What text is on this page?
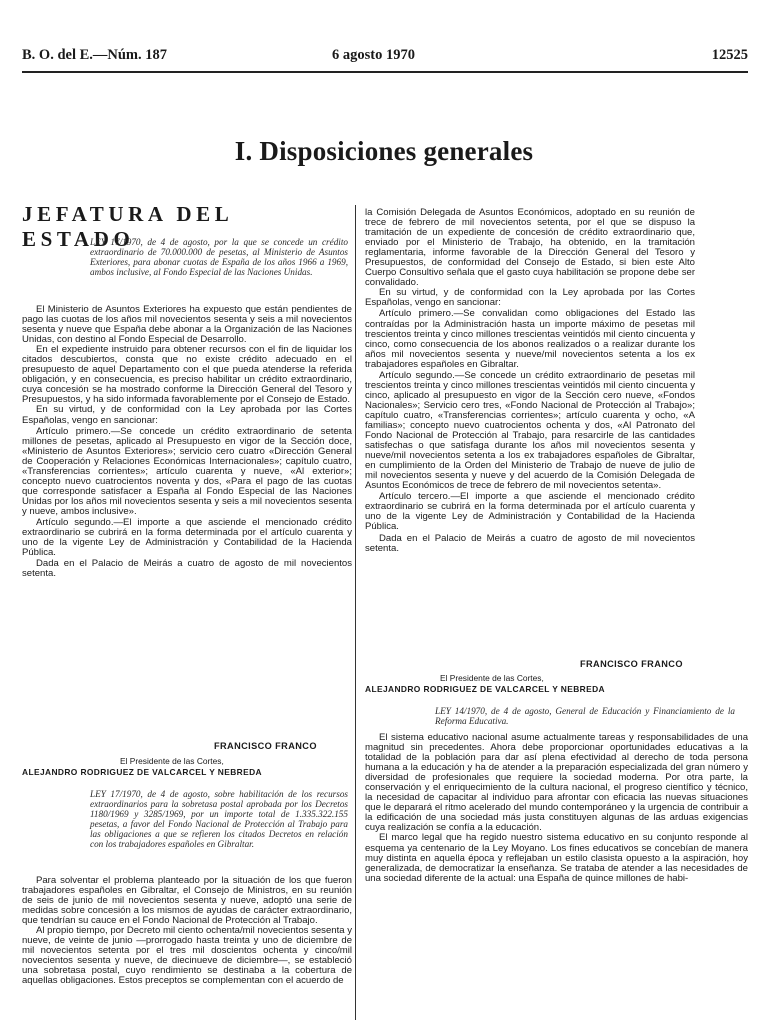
B. O. del E.—Núm. 187	6 agosto 1970	12525
I. Disposiciones generales
JEFATURA DEL ESTADO
LEY 17/1970, de 4 de agosto, por la que se concede un crédito extraordinario de 70.000.000 de pesetas, al Ministerio de Asuntos Exteriores, para abonar cuotas de España de los años 1966 a 1969, ambos inclusive, al Fondo Especial de las Naciones Unidas.

El Ministerio de Asuntos Exteriores ha expuesto que están pendientes de pago las cuotas de los años mil novecientos sesenta y seis a mil novecientos sesenta y nueve que España debe abonar a la Organización de las Naciones Unidas, con destino al Fondo Especial de Desarrollo.

En el expediente instruido para obtener recursos con el fin de liquidar los citados descubiertos, consta que no existe crédito adecuado en el presupuesto de aquel Departamento con el que pueda atenderse la referida obligación, y en consecuencia, es preciso habilitar un crédito extraordinario, cuya concesión se ha mostrado conforme la Dirección General del Tesoro y Presupuestos, y ha sido informada favorablemente por el Consejo de Estado.

En su virtud, y de conformidad con la Ley aprobada por las Cortes Españolas, vengo en sancionar:

Artículo primero.—Se concede un crédito extraordinario de setenta millones de pesetas, aplicado al Presupuesto en vigor de la Sección doce, «Ministerio de Asuntos Exteriores»; servicio cero cuatro «Dirección General de Cooperación y Relaciones Económicas Internacionales»; capítulo cuatro, «Transferencias corrientes»; artículo cuarenta y nueve, «Al exterior»; concepto nuevo cuatrocientos noventa y dos, «Para el pago de las cuotas que corresponde satisfacer a España al Fondo Especial de las Naciones Unidas por los años mil novecientos sesenta y seis a mil novecientos sesenta y nueve, ambos inclusive».

Artículo segundo.—El importe a que asciende el mencionado crédito extraordinario se cubrirá en la forma determinada por el artículo cuarenta y uno de la vigente Ley de Administración y Contabilidad de la Hacienda Pública.

Dada en el Palacio de Meirás a cuatro de agosto de mil novecientos setenta.

FRANCISCO FRANCO
El Presidente de las Cortes,
ALEJANDRO RODRIGUEZ DE VALCARCEL Y NEBREDA
LEY 17/1970, de 4 de agosto, sobre habilitación de los recursos extraordinarios para la sobretasa postal aprobada por los Decretos 1180/1969 y 3285/1969, por un importe total de 1.335.322.155 pesetas, a favor del Fondo Nacional de Protección al Trabajo para las obligaciones a que se refieren los citados Decretos en relación con los trabajadores españoles en Gibraltar.

Para solventar el problema planteado por la situación de los que fueron trabajadores españoles en Gibraltar, el Consejo de Ministros, en su reunión de seis de junio de mil novecientos sesenta y nueve, adoptó una serie de medidas sobre concesión a los mismos de ayudas de carácter extraordinario, que tendrían su cauce en el Fondo Nacional de Protección al Trabajo.

Al propio tiempo, por Decreto mil ciento ochenta/mil novecientos sesenta y nueve, de veinte de junio —prorrogado hasta treinta y uno de diciembre de mil novecientos setenta por el tres mil doscientos ochenta y cinco/mil novecientos sesenta y nueve, de diecinueve de diciembre—, se estableció una sobretasa postal, cuyo rendimiento se destinaba a la cobertura de aquellas obligaciones. Estos preceptos se complementan con el acuerdo de

la Comisión Delegada de Asuntos Económicos, adoptado en su reunión de trece de febrero de mil novecientos setenta, por el que se dispuso la tramitación de un expediente de concesión de crédito extraordinario que, enviado por el Ministerio de Trabajo, ha obtenido, en la tramitación reglamentaria, informe favorable de la Dirección General del Tesoro y Presupuestos, de conformidad del Consejo de Estado, si bien este Alto Cuerpo Consultivo señala que el gasto cuya habilitación se propone debe ser convalidado.

En su virtud, y de conformidad con la Ley aprobada por las Cortes Españolas, vengo en sancionar:

Artículo primero.—Se convalidan como obligaciones del Estado las contraídas por la Administración hasta un importe máximo de pesetas mil trescientos treinta y cinco millones trescientas veintidós mil ciento cincuenta y cinco, como consecuencia de los abonos realizados o a realizar durante los años mil novecientos sesenta y nueve/mil novecientos setenta a los ex trabajadores españoles en Gibraltar.

Artículo segundo.—Se concede un crédito extraordinario de pesetas mil trescientos treinta y cinco millones trescientas veintidós mil ciento cincuenta y cinco, aplicado al presupuesto en vigor de la Sección cero nueve, «Fondos Nacionales»; Servicio cero tres, «Fondo Nacional de Protección al Trabajo»; capítulo cuatro, «Transferencias corrientes»; artículo cuarenta y ocho, «A familias»; concepto nuevo cuatrocientos ochenta y dos, «Al Patronato del Fondo Nacional de Protección al Trabajo, para resarcirle de las cantidades satisfechas o que satisfaga durante los años mil novecientos sesenta y nueve/mil novecientos setenta a los ex trabajadores españoles de Gibraltar, en cumplimiento de la Orden del Ministerio de Trabajo de nueve de julio de mil novecientos sesenta y nueve y del acuerdo de la Comisión Delegada de Asuntos Económicos de trece de febrero de mil novecientos setenta».

Artículo tercero.—El importe a que asciende el mencionado crédito extraordinario se cubrirá en la forma determinada por el artículo cuarenta y uno de la vigente Ley de Administración y Contabilidad de la Hacienda Pública.

Dada en el Palacio de Meirás a cuatro de agosto de mil novecientos setenta.

FRANCISCO FRANCO
El Presidente de las Cortes,
ALEJANDRO RODRIGUEZ DE VALCARCEL Y NEBREDA
LEY 14/1970, de 4 de agosto, General de Educación y Financiamiento de la Reforma Educativa.

El sistema educativo nacional asume actualmente tareas y responsabilidades de una magnitud sin precedentes. Ahora debe proporcionar oportunidades educativas a la totalidad de la población para dar así plena efectividad al derecho de toda persona humana a la educación y ha de atender a la preparación especializada del gran número y diversidad de profesionales que requiere la sociedad moderna. Por otra parte, la conservación y el enriquecimiento de la cultura nacional, el progreso científico y técnico, la necesidad de capacitar al individuo para afrontar con eficacia las nuevas situaciones que le deparará el ritmo acelerado del mundo contemporáneo y la urgencia de contribuir a la edificación de una sociedad más justa constituyen algunas de las arduas exigencias cuya realización se confía a la educación.

El marco legal que ha regido nuestro sistema educativo en su conjunto responde al esquema ya centenario de la Ley Moyano. Los fines educativos se concebían de manera muy distinta en aquella época y reflejaban un estilo clasista opuesto a la aspiración, hoy generalizada, de democratizar la enseñanza. Se trataba de atender a las necesidades de una sociedad diferente de la actual: una España de quince millones de habi-
